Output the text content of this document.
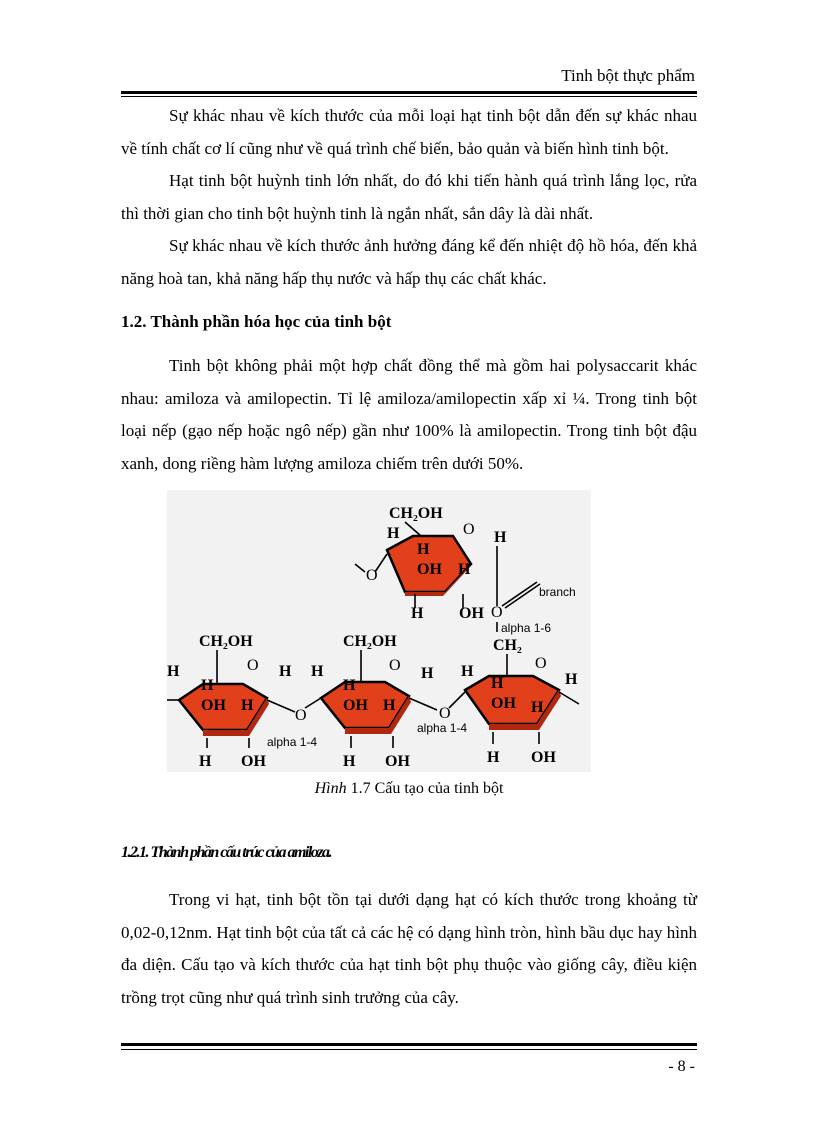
Tinh bột thực phẩm

Sự khác nhau về kích thước của mỗi loại hạt tinh bột dẫn đến sự khác nhau về tính chất cơ lí cũng như về quá trình chế biến, bảo quản và biến hình tinh bột.

Hạt tinh bột huỳnh tinh lớn nhất, do đó khi tiến hành quá trình lắng lọc, rửa thì thời gian cho tinh bột huỳnh tinh là ngắn nhất, sắn dây là dài nhất.

Sự khác nhau về kích thước ảnh hưởng đáng kể đến nhiệt độ hồ hóa, đến khả năng hoà tan, khả năng hấp thụ nước và hấp thụ các chất khác.

1.2. Thành phần hóa học của tinh bột

Tinh bột không phải một hợp chất đồng thể mà gồm hai polysaccarit khác nhau: amiloza và amilopectin. Tỉ lệ amiloza/amilopectin xấp xỉ ¼. Trong tinh bột loại nếp (gạo nếp hoặc ngô nếp) gần như 100% là amilopectin. Trong tinh bột đậu xanh, dong riềng hàm lượng amiloza chiếm trên dưới 50%.

CH₂OH
O
H	H
H
OH H
O
H OH O
branch
alpha 1-6
CH₂OH
O
H	H
H
OH H
H OH
O
alpha 1-4
CH₂OH
O
H	H
H
OH H
H OH
O
alpha 1-4
CH₂
O
H	H
H
OH H
H OH
Hình 1.7 Cấu tạo của tinh bột
1.2.1. Thành phần cấu trúc của amiloza.

Trong vi hạt, tinh bột tồn tại dưới dạng hạt có kích thước trong khoảng từ 0,02-0,12nm. Hạt tinh bột của tất cả các hệ có dạng hình tròn, hình bầu dục hay hình đa diện. Cấu tạo và kích thước của hạt tinh bột phụ thuộc vào giống cây, điều kiện trồng trọt cũng như quá trình sinh trưởng của cây.

- 8 -
